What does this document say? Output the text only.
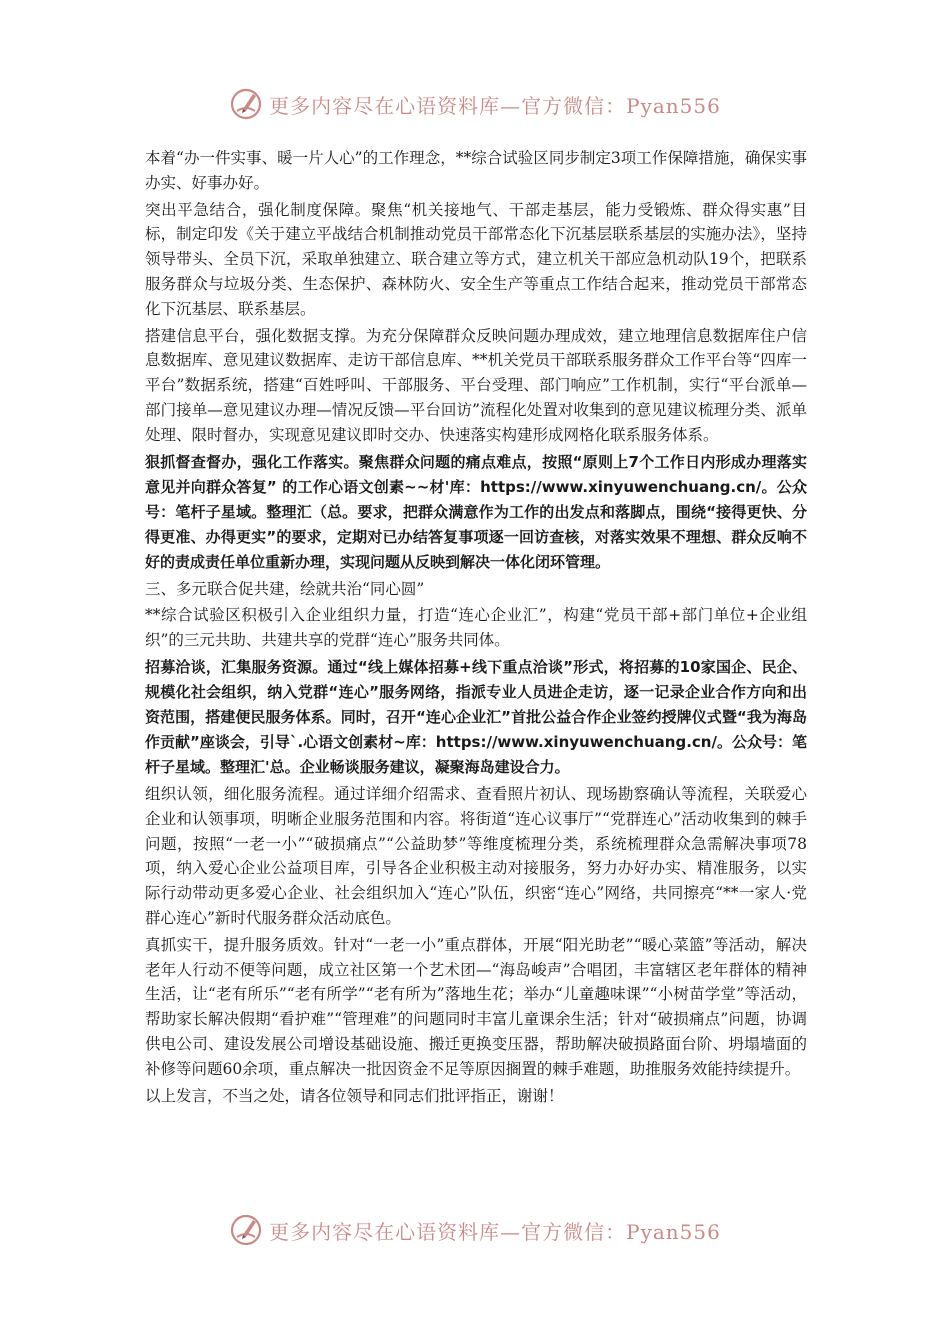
更多内容尽在心语资料库—官方微信：Pyan556

本着“办一件实事、暖一片人心”的工作理念，**综合试验区同步制定3项工作保障措施，确保实事办实、好事办好。

突出平急结合，强化制度保障。聚焦“机关接地气、干部走基层，能力受锻炼、群众得实惠”目标，制定印发《关于建立平战结合机制推动党员干部常态化下沉基层联系基层的实施办法》，坚持领导带头、全员下沉，采取单独建立、联合建立等方式，建立机关干部应急机动队19个，把联系服务群众与垃圾分类、生态保护、森林防火、安全生产等重点工作结合起来，推动党员干部常态化下沉基层、联系基层。

搭建信息平台，强化数据支撑。为充分保障群众反映问题办理成效，建立地理信息数据库住户信息数据库、意见建议数据库、走访干部信息库、**机关党员干部联系服务群众工作平台等“四库一平台”数据系统，搭建“百姓呼叫、干部服务、平台受理、部门响应”工作机制，实行“平台派单—部门接单—意见建议办理—情况反馈—平台回访”流程化处置对收集到的意见建议梳理分类、派单处理、限时督办，实现意见建议即时交办、快速落实构建形成网格化联系服务体系。

狠抓督查督办，强化工作落实。聚焦群众问题的痛点难点，按照“原则上7个工作日内形成办理落实意见并向群众答复” 的工作心语文创素~~材'库：https://www.xinyuwenchuang.cn/。公众号：笔杆子星域。整理汇（总。要求，把群众满意作为工作的出发点和落脚点，围绕“接得更快、分得更准、办得更实”的要求，定期对已办结答复事项逐一回访查核，对落实效果不理想、群众反响不好的责成责任单位重新办理，实现问题从反映到解决一体化闭环管理。

三、多元联合促共建，绘就共治“同心圆”

**综合试验区积极引入企业组织力量，打造“连心企业汇”，构建“党员干部+部门单位+企业组织”的三元共助、共建共享的党群“连心”服务共同体。

招募洽谈，汇集服务资源。通过“线上媒体招募+线下重点洽谈”形式，将招募的10家国企、民企、规模化社会组织，纳入党群“连心”服务网络，指派专业人员进企走访，逐一记录企业合作方向和出资范围，搭建便民服务体系。同时，召开“连心企业汇”首批公益合作企业签约授牌仪式暨“我为海岛作贡献”座谈会，引导`.心语文创素材~库：https://www.xinyuwenchuang.cn/。公众号：笔杆子星域。整理汇'总。企业畅谈服务建议，凝聚海岛建设合力。

组织认领，细化服务流程。通过详细介绍需求、查看照片初认、现场勘察确认等流程，关联爱心企业和认领事项，明晰企业服务范围和内容。将街道“连心议事厅”“党群连心”活动收集到的棘手问题，按照“一老一小”“破损痛点”“公益助梦”等维度梳理分类，系统梳理群众急需解决事项78项，纳入爱心企业公益项目库，引导各企业积极主动对接服务，努力办好办实、精准服务，以实际行动带动更多爱心企业、社会组织加入“连心”队伍，织密“连心”网络，共同擦亮“**一家人·党群心连心”新时代服务群众活动底色。

真抓实干，提升服务质效。针对“一老一小”重点群体，开展“阳光助老”“暖心菜篮”等活动，解决老年人行动不便等问题，成立社区第一个艺术团—“海岛峻声”合唱团，丰富辖区老年群体的精神生活，让“老有所乐”“老有所学”“老有所为”落地生花；举办“儿童趣味课”“小树苗学堂”等活动，帮助家长解决假期“看护难”“管理难”的问题同时丰富儿童课余生活；针对“破损痛点”问题，协调供电公司、建设发展公司增设基础设施、搬迁更换变压器，帮助解决破损路面台阶、坍塌墙面的补修等问题60余项，重点解决一批因资金不足等原因搁置的棘手难题，助推服务效能持续提升。

以上发言，不当之处，请各位领导和同志们批评指正，谢谢！

更多内容尽在心语资料库—官方微信：Pyan556
